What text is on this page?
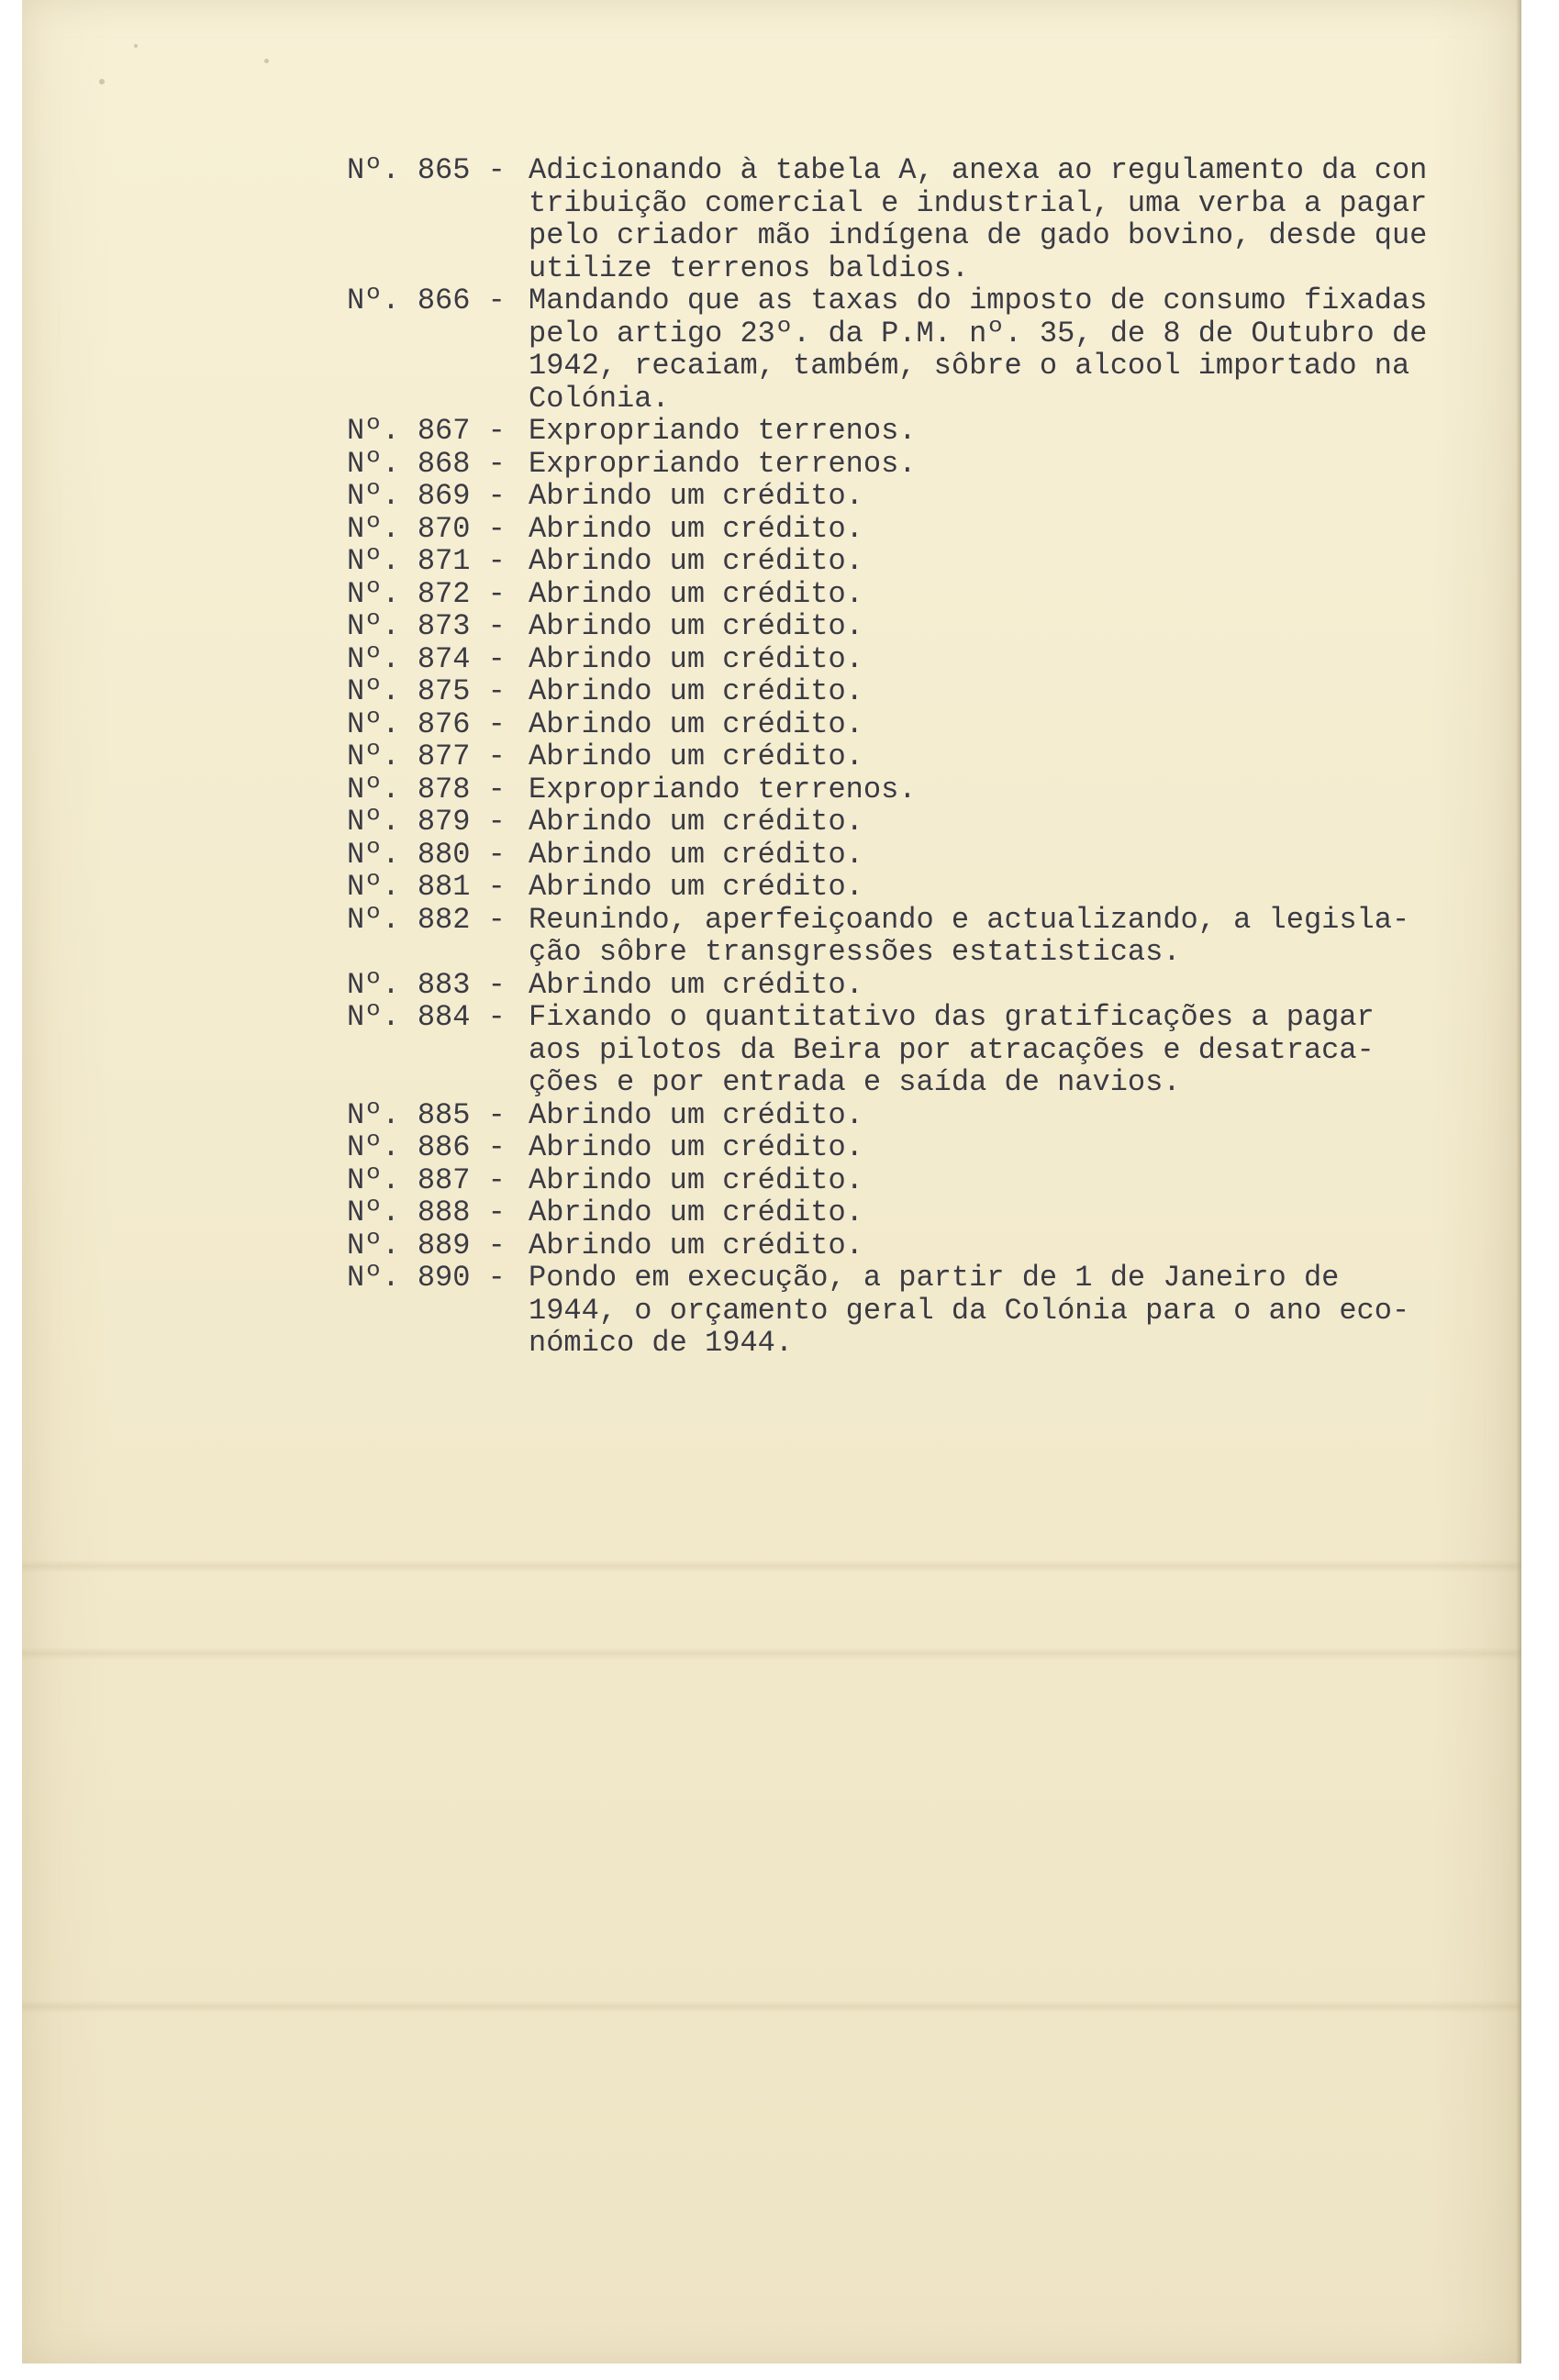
Nº. 865 - Adicionando à tabela A, anexa ao regulamento da con
tribuição comercial e industrial, uma verba a pagar
pelo criador mão indígena de gado bovino, desde que
utilize terrenos baldios.
Nº. 866 - Mandando que as taxas do imposto de consumo fixadas
pelo artigo 23º. da P.M. nº. 35, de 8 de Outubro de
1942, recaiam, também, sôbre o alcool importado na
Colónia.
Nº. 867 - Expropriando terrenos.
Nº. 868 - Expropriando terrenos.
Nº. 869 - Abrindo um crédito.
Nº. 870 - Abrindo um crédito.
Nº. 871 - Abrindo um crédito.
Nº. 872 - Abrindo um crédito.
Nº. 873 - Abrindo um crédito.
Nº. 874 - Abrindo um crédito.
Nº. 875 - Abrindo um crédito.
Nº. 876 - Abrindo um crédito.
Nº. 877 - Abrindo um crédito.
Nº. 878 - Expropriando terrenos.
Nº. 879 - Abrindo um crédito.
Nº. 880 - Abrindo um crédito.
Nº. 881 - Abrindo um crédito.
Nº. 882 - Reunindo, aperfeiçoando e actualizando, a legisla-
ção sôbre transgressões estatisticas.
Nº. 883 - Abrindo um crédito.
Nº. 884 - Fixando o quantitativo das gratificações a pagar
aos pilotos da Beira por atracações e desatraca-
ções e por entrada e saída de navios.
Nº. 885 - Abrindo um crédito.
Nº. 886 - Abrindo um crédito.
Nº. 887 - Abrindo um crédito.
Nº. 888 - Abrindo um crédito.
Nº. 889 - Abrindo um crédito.
Nº. 890 - Pondo em execução, a partir de 1 de Janeiro de
1944, o orçamento geral da Colónia para o ano eco-
nómico de 1944.
